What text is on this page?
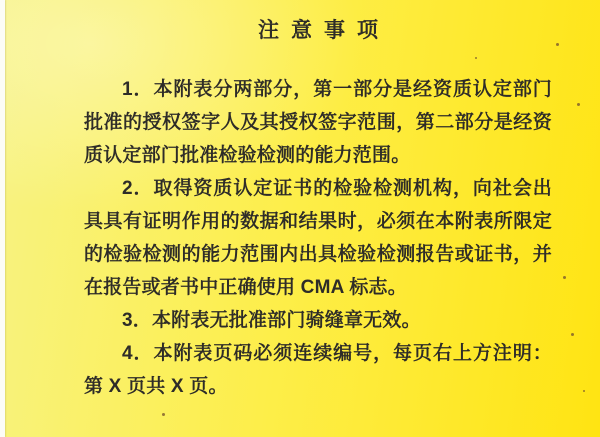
注意事项

1．本附表分两部分，第一部分是经资质认定部门批准的授权签字人及其授权签字范围，第二部分是经资质认定部门批准检验检测的能力范围。

2．取得资质认定证书的检验检测机构，向社会出具具有证明作用的数据和结果时，必须在本附表所限定的检验检测的能力范围内出具检验检测报告或证书，并在报告或者书中正确使用 CMA 标志。

3．本附表无批准部门骑缝章无效。

4．本附表页码必须连续编号，每页右上方注明：第 X 页共 X 页。
